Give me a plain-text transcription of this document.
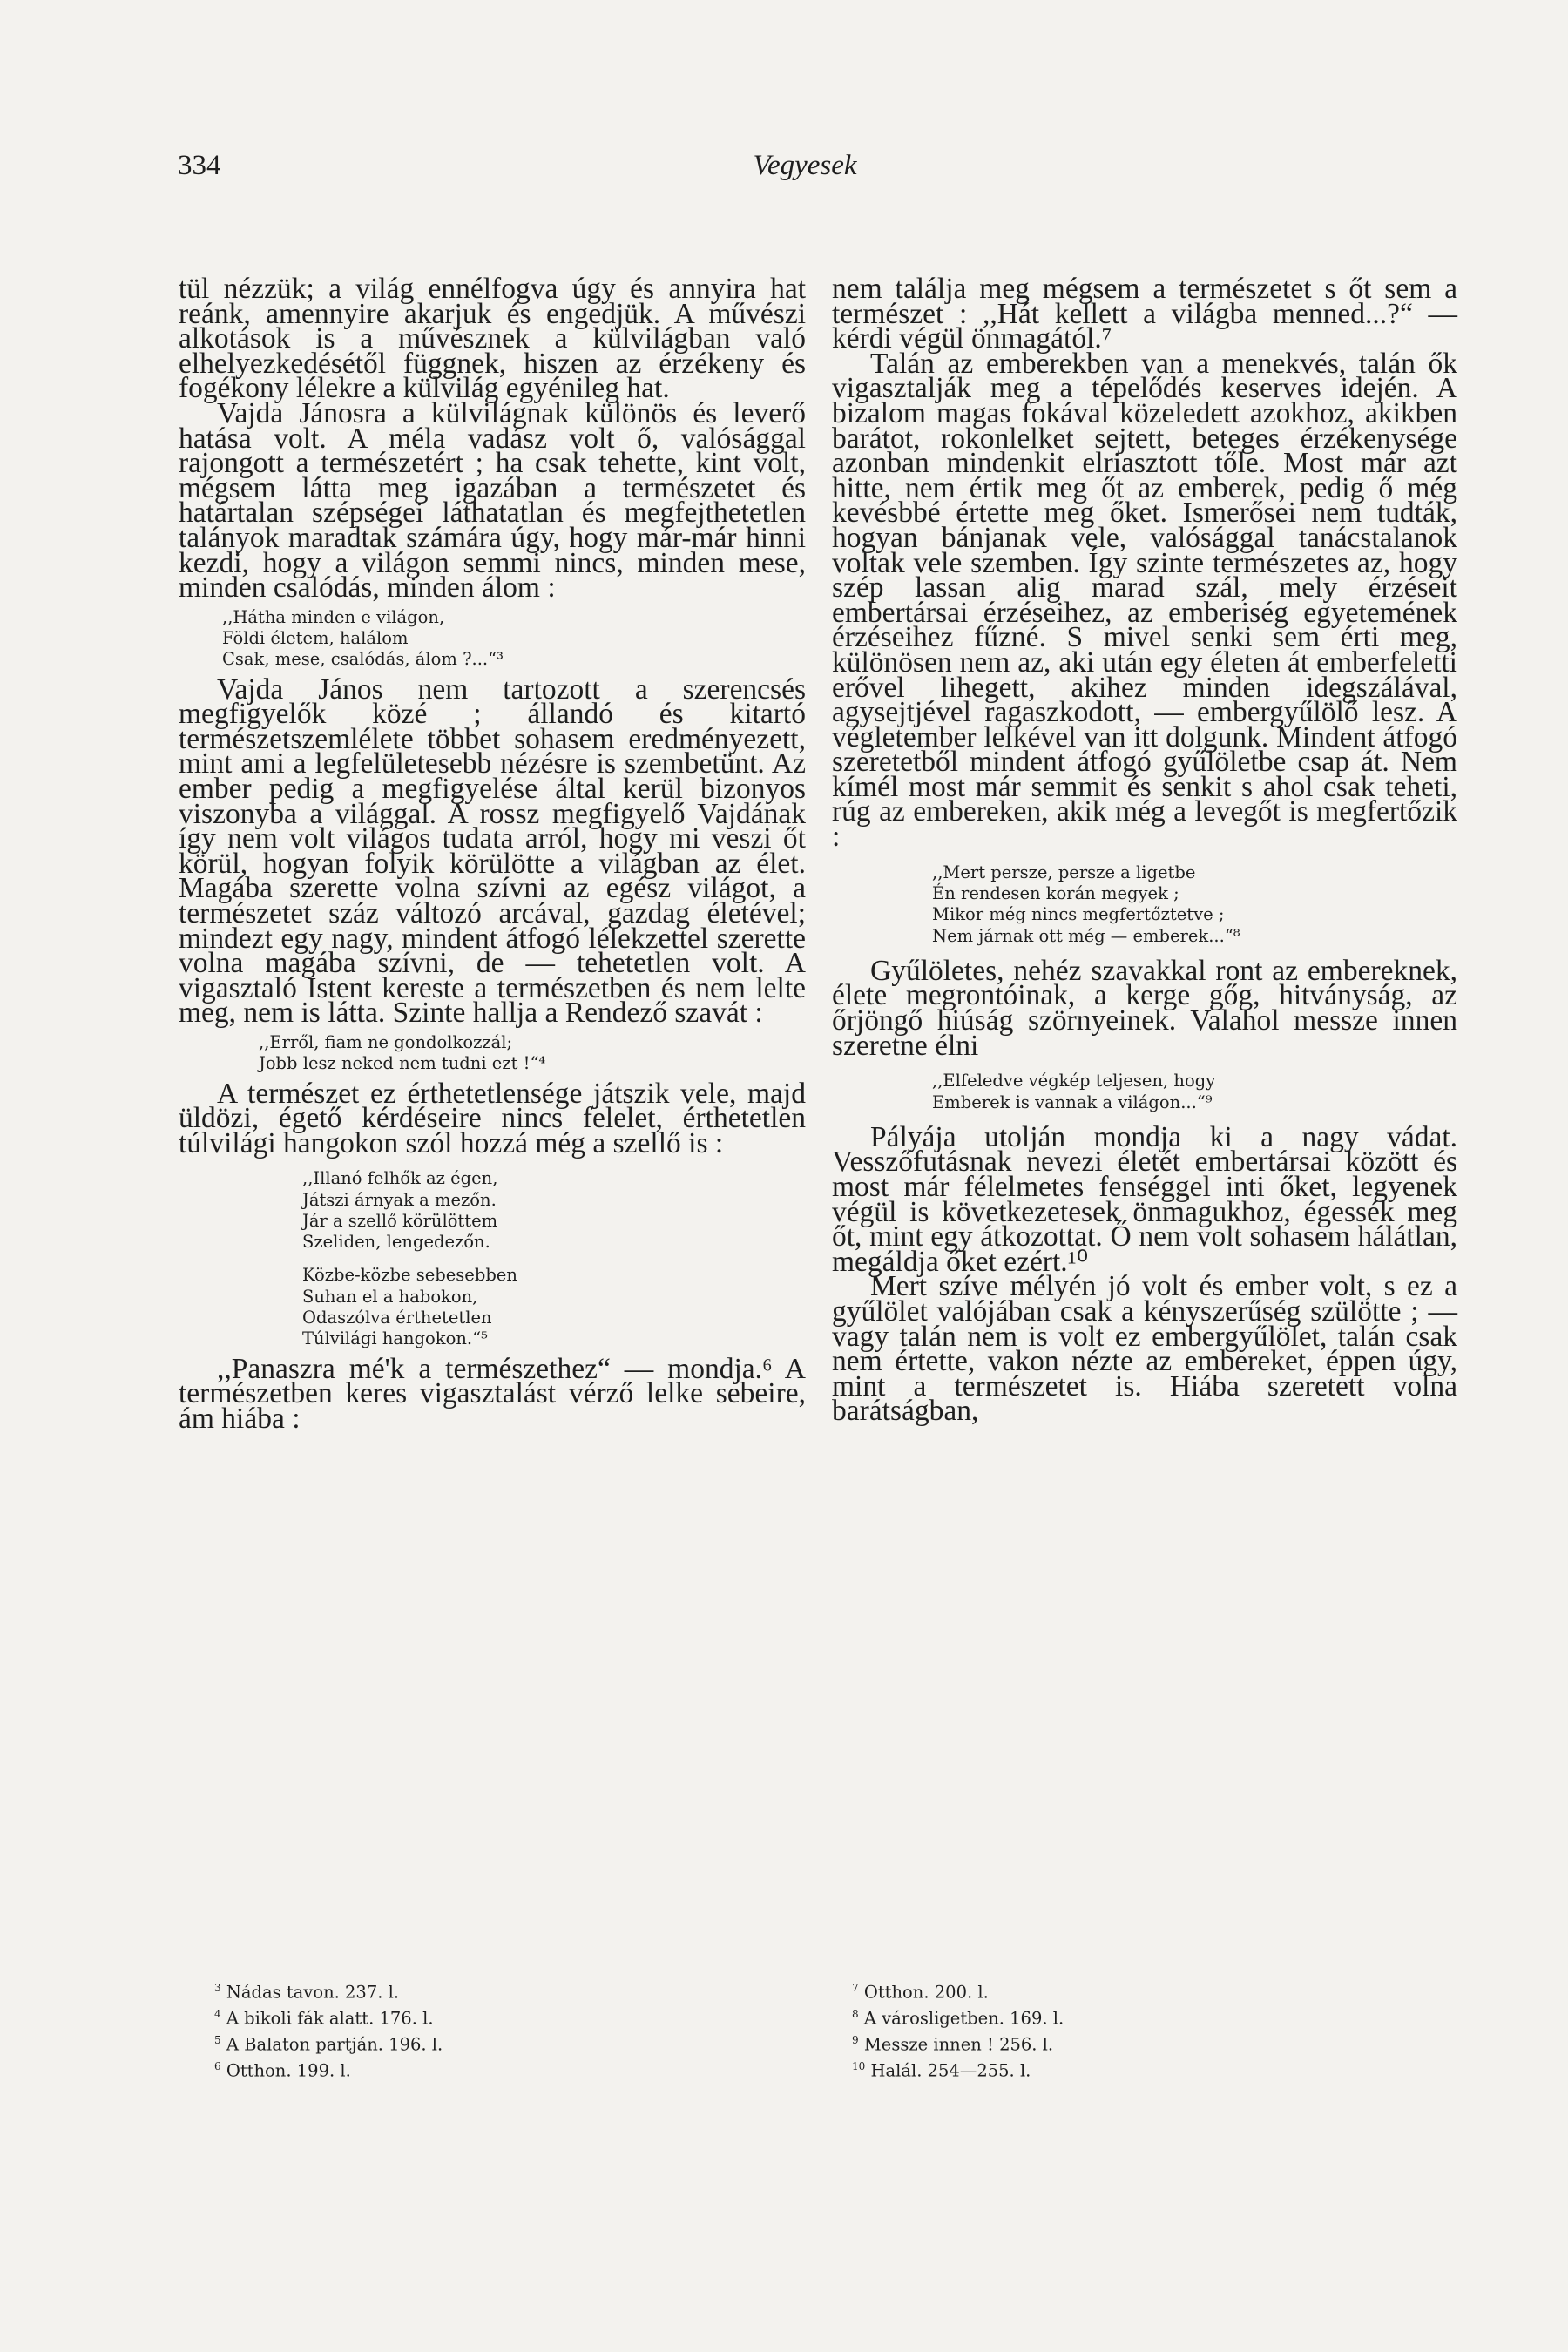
334	Vegyesek

tül nézzük; a világ ennélfogva úgy és annyira hat reánk, amennyire akarjuk és engedjük. A művészi alkotások is a művésznek a külvilágban való elhelyezkedésétől függnek, hiszen az érzékeny és fogékony lélekre a külvilág egyénileg hat.

Vajda Jánosra a külvilágnak különös és leverő hatása volt. A méla vadász volt ő, valósággal rajongott a természetért ; ha csak tehette, kint volt, mégsem látta meg igazában a természetet és határtalan szépségei láthatatlan és megfejthetetlen talányok maradtak számára úgy, hogy már-már hinni kezdi, hogy a világon semmi nincs, minden mese, minden csalódás, minden álom :

,,Hátha minden e világon,
Földi életem, halálom
Csak, mese, csalódás, álom ?...“³

Vajda János nem tartozott a szerencsés megfigyelők közé ; állandó és kitartó természetszemlélete többet sohasem eredményezett, mint ami a legfelületesebb nézésre is szembetünt. Az ember pedig a megfigyelése által kerül bizonyos viszonyba a világgal. A rossz megfigyelő Vajdának így nem volt világos tudata arról, hogy mi veszi őt körül, hogyan folyik körülötte a világban az élet. Magába szerette volna szívni az egész világot, a természetet száz változó arcával, gazdag életével; mindezt egy nagy, mindent átfogó lélekzettel szerette volna magába szívni, de — tehetetlen volt. A vigasztaló Istent kereste a természetben és nem lelte meg, nem is látta. Szinte hallja a Rendező szavát :

,,Erről, fiam ne gondolkozzál;
Jobb lesz neked nem tudni ezt !“⁴

A természet ez érthetetlensége játszik vele, majd üldözi, égető kérdéseire nincs felelet, érthetetlen túlvilági hangokon szól hozzá még a szellő is :

,,Illanó felhők az égen,
Játszi árnyak a mezőn.
Jár a szellő körülöttem
Szeliden, lengedezőn.
Közbe-közbe sebesebben
Suhan el a habokon,
Odaszólva érthetetlen
Túlvilági hangokon.“⁵

,,Panaszra mé'k a természethez“ — mondja.⁶ A természetben keres vigasztalást vérző lelke sebeire, ám hiába :

nem találja meg mégsem a természetet s őt sem a természet : ,,Hát kellett a világba menned...?“ —kérdi végül önmagától.⁷

Talán az emberekben van a menekvés, talán ők vigasztalják meg a tépelődés keserves idején. A bizalom magas fokával közeledett azokhoz, akikben barátot, rokonlelket sejtett, beteges érzékenysége azonban mindenkit elriasztott tőle. Most már azt hitte, nem értik meg őt az emberek, pedig ő még kevésbbé értette meg őket. Ismerősei nem tudták, hogyan bánjanak vele, valósággal tanácstalanok voltak vele szemben. Így szinte természetes az, hogy szép lassan alig marad szál, mely érzéseit embertársai érzéseihez, az emberiség egyetemének érzéseihez fűzné. S mivel senki sem érti meg, különösen nem az, aki után egy életen át emberfeletti erővel lihegett, akihez minden idegszálával, agysejtjével ragaszkodott, — embergyűlölő lesz. A végletember lelkével van itt dolgunk. Mindent átfogó szeretetből mindent átfogó gyűlöletbe csap át. Nem kímél most már semmit és senkit s ahol csak teheti, rúg az embereken, akik még a levegőt is megfertőzik :

,,Mert persze, persze a ligetbe
Én rendesen korán megyek ;
Mikor még nincs megfertőztetve ;
Nem járnak ott még — emberek...“⁸

Gyűlöletes, nehéz szavakkal ront az embereknek, élete megrontóinak, a kerge gőg, hitványság, az őrjöngő hiúság szörnyeinek. Valahol messze innen szeretne élni

,,Elfeledve végkép teljesen, hogy
Emberek is vannak a világon...“⁹

Pályája utolján mondja ki a nagy vádat. Vesszőfutásnak nevezi életét embertársai között és most már félelmetes fenséggel inti őket, legyenek végül is következetesek önmagukhoz, égessék meg őt, mint egy átkozottat. Ő nem volt sohasem hálátlan, megáldja őket ezért.¹⁰

Mert szíve mélyén jó volt és ember volt, s ez a gyűlölet valójában csak a kényszerűség szülötte ; — vagy talán nem is volt ez embergyűlölet, talán csak nem értette, vakon nézte az embereket, éppen úgy, mint a természetet is. Hiába szeretett volna barátságban,

$^3$ Nádas tavon. 237. l.
$^4$ A bikoli fák alatt. 176. l.
$^5$ A Balaton partján. 196. l.
$^6$ Otthon. 199. l.
$^7$ Otthon. 200. l.
$^8$ A városligetben. 169. l.
$^9$ Messze innen ! 256. l.
$^{10}$ Halál. 254—255. l.
